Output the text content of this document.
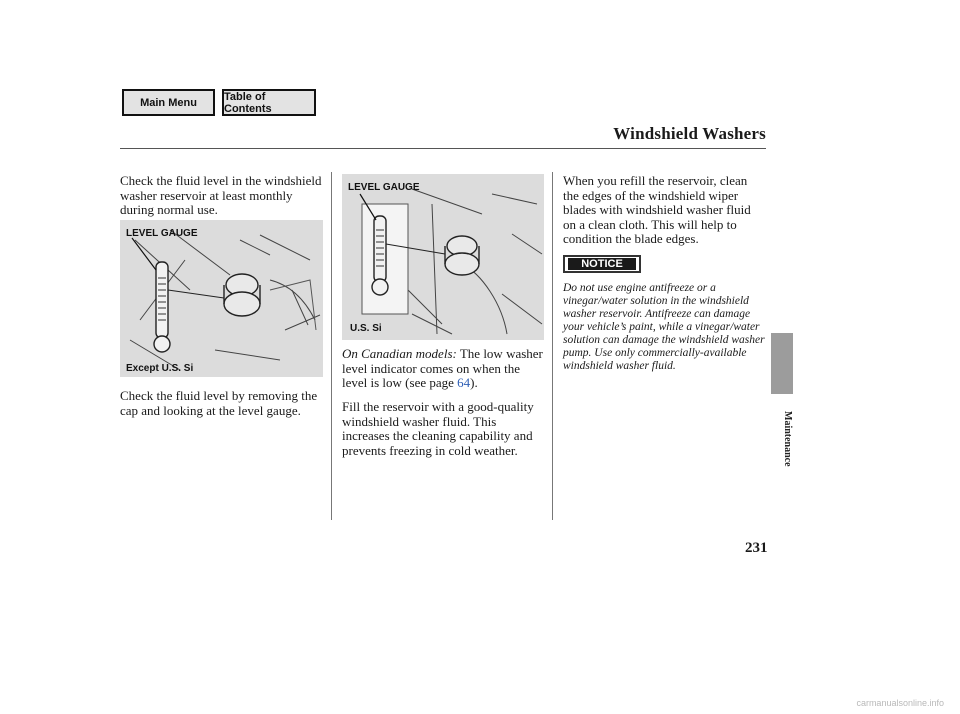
Main Menu	Table of Contents
Windshield Washers

Check the fluid level in the windshield washer reservoir at least monthly during normal use.

LEVEL GAUGE
Except U.S. Si

Check the fluid level by removing the cap and looking at the level gauge.

LEVEL GAUGE
U.S. Si

On Canadian models: The low washer level indicator comes on when the level is low (see page 64).

Fill the reservoir with a good-quality windshield washer fluid. This increases the cleaning capability and prevents freezing in cold weather.

When you refill the reservoir, clean the edges of the windshield wiper blades with windshield washer fluid on a clean cloth. This will help to condition the blade edges.

NOTICE

Do not use engine antifreeze or a vinegar/water solution in the windshield washer reservoir. Antifreeze can damage your vehicle’s paint, while a vinegar/water solution can damage the windshield washer pump. Use only commercially-available windshield washer fluid.

Maintenance
231
carmanualsonline.info
